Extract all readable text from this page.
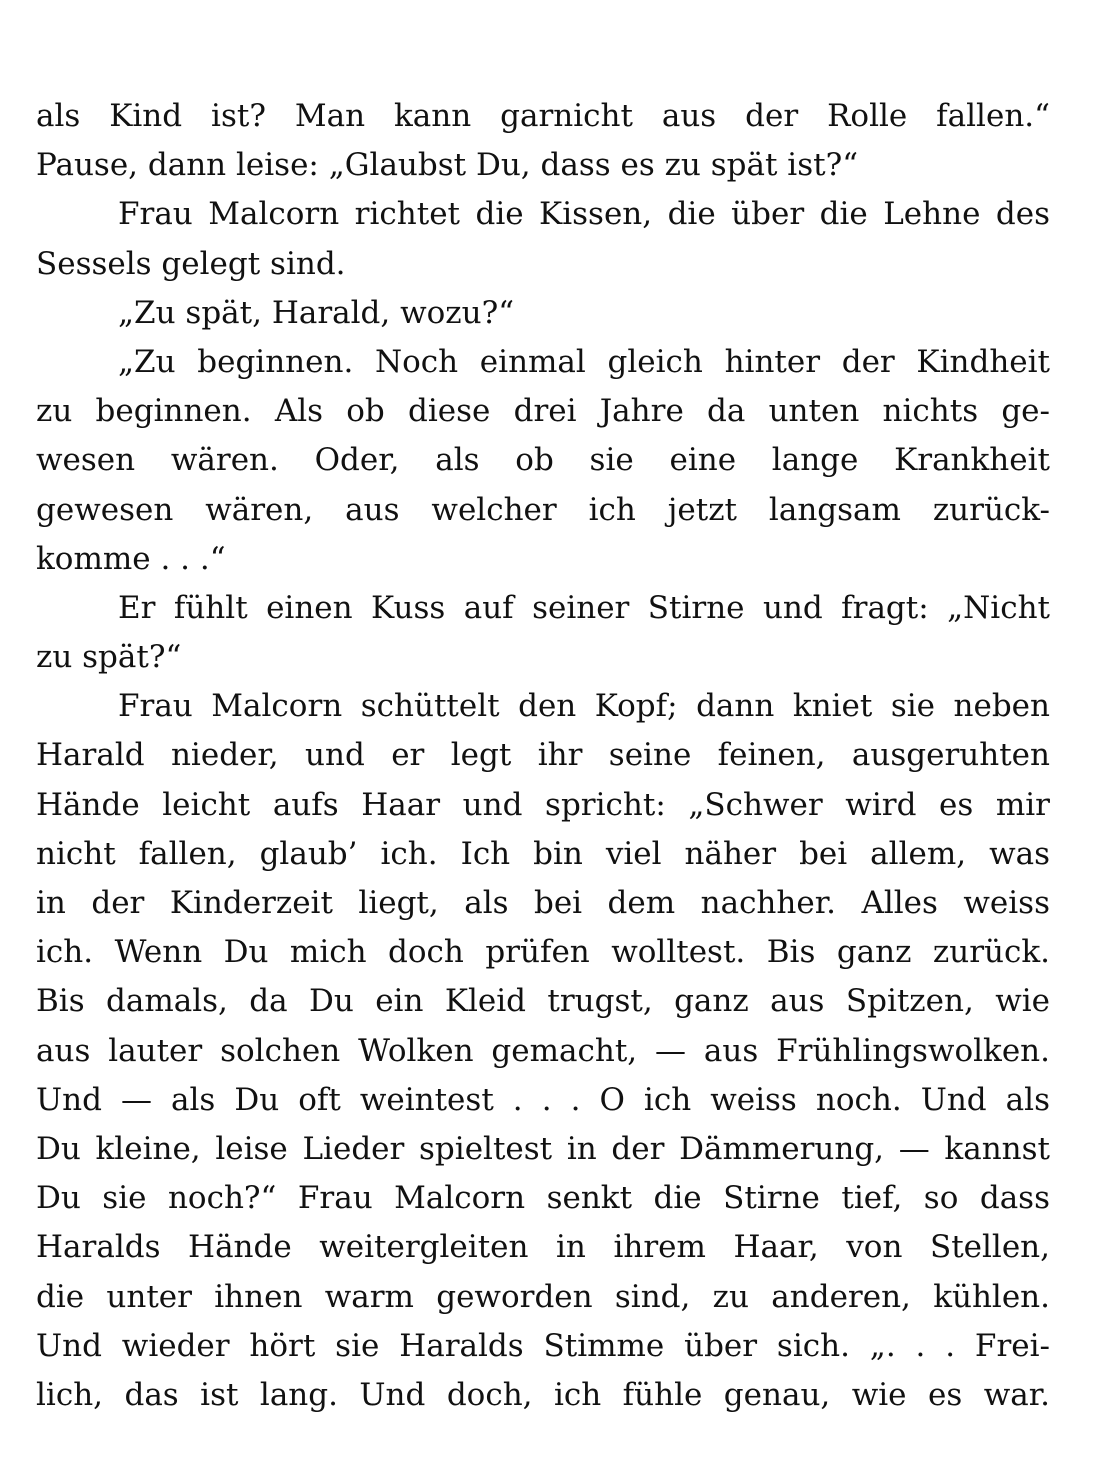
als Kind ist? Man kann garnicht aus der Rolle fallen.“
Pause, dann leise: „Glaubst Du, dass es zu spät ist?“
Frau Malcorn richtet die Kissen, die über die Lehne des
Sessels gelegt sind.
„Zu spät, Harald, wozu?“
„Zu beginnen. Noch einmal gleich hinter der Kindheit
zu beginnen. Als ob diese drei Jahre da unten nichts ge-
wesen wären. Oder, als ob sie eine lange Krankheit
gewesen wären, aus welcher ich jetzt langsam zurück-
komme . . .“
Er fühlt einen Kuss auf seiner Stirne und fragt: „Nicht
zu spät?“
Frau Malcorn schüttelt den Kopf; dann kniet sie neben
Harald nieder, und er legt ihr seine feinen, ausgeruhten
Hände leicht aufs Haar und spricht: „Schwer wird es mir
nicht fallen, glaub’ ich. Ich bin viel näher bei allem, was
in der Kinderzeit liegt, als bei dem nachher. Alles weiss
ich. Wenn Du mich doch prüfen wolltest. Bis ganz zurück.
Bis damals, da Du ein Kleid trugst, ganz aus Spitzen, wie
aus lauter solchen Wolken gemacht, — aus Frühlingswolken.
Und — als Du oft weintest . . . O ich weiss noch. Und als
Du kleine, leise Lieder spieltest in der Dämmerung, — kannst
Du sie noch?“ Frau Malcorn senkt die Stirne tief, so dass
Haralds Hände weitergleiten in ihrem Haar, von Stellen,
die unter ihnen warm geworden sind, zu anderen, kühlen.
Und wieder hört sie Haralds Stimme über sich. „. . . Frei-
lich, das ist lang. Und doch, ich fühle genau, wie es war.
